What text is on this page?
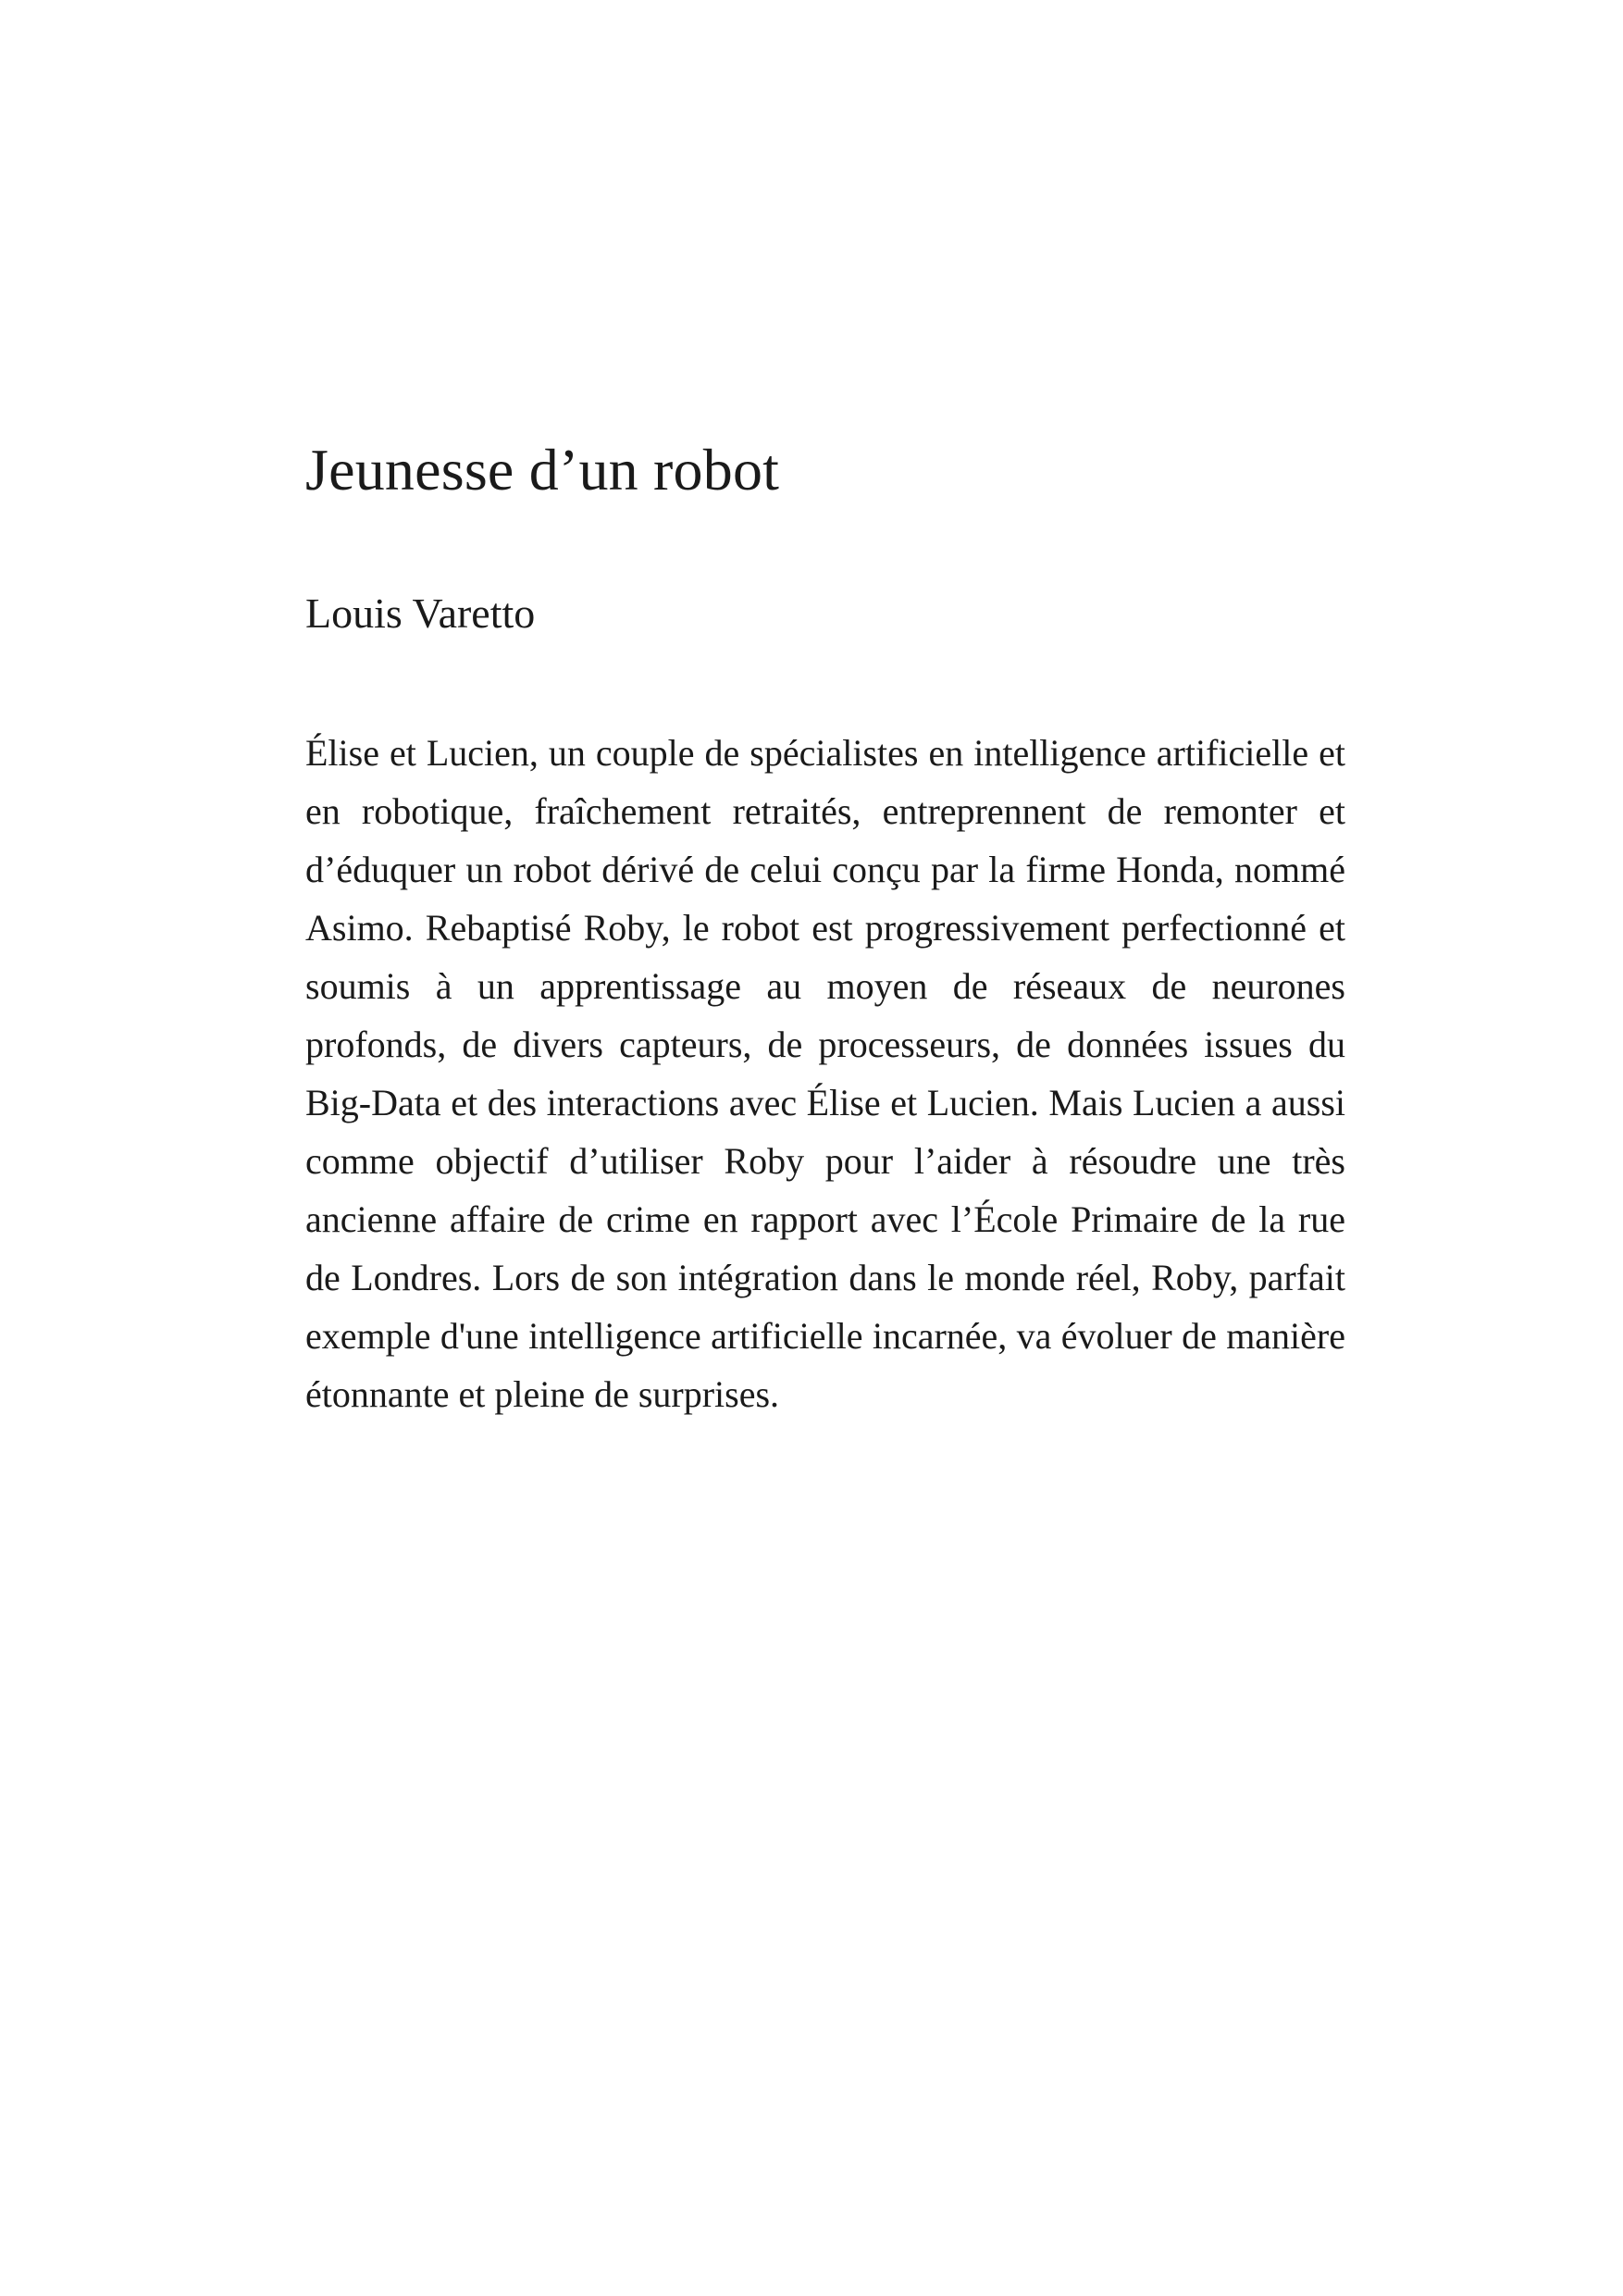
Jeunesse d’un robot
Louis Varetto

Élise et Lucien, un couple de spécialistes en intelligence artificielle et en robotique, fraîchement retraités, entreprennent de remonter et d’éduquer un robot dérivé de celui conçu par la firme Honda, nommé Asimo. Rebaptisé Roby, le robot est progressivement perfectionné et soumis à un apprentissage au moyen de réseaux de neurones profonds, de divers capteurs, de processeurs, de données issues du Big-Data et des interactions avec Élise et Lucien. Mais Lucien a aussi comme objectif d’utiliser Roby pour l’aider à résoudre une très ancienne affaire de crime en rapport avec l’École Primaire de la rue de Londres. Lors de son intégration dans le monde réel, Roby, parfait exemple d'une intelligence artificielle incarnée, va évoluer de manière étonnante et pleine de surprises.
